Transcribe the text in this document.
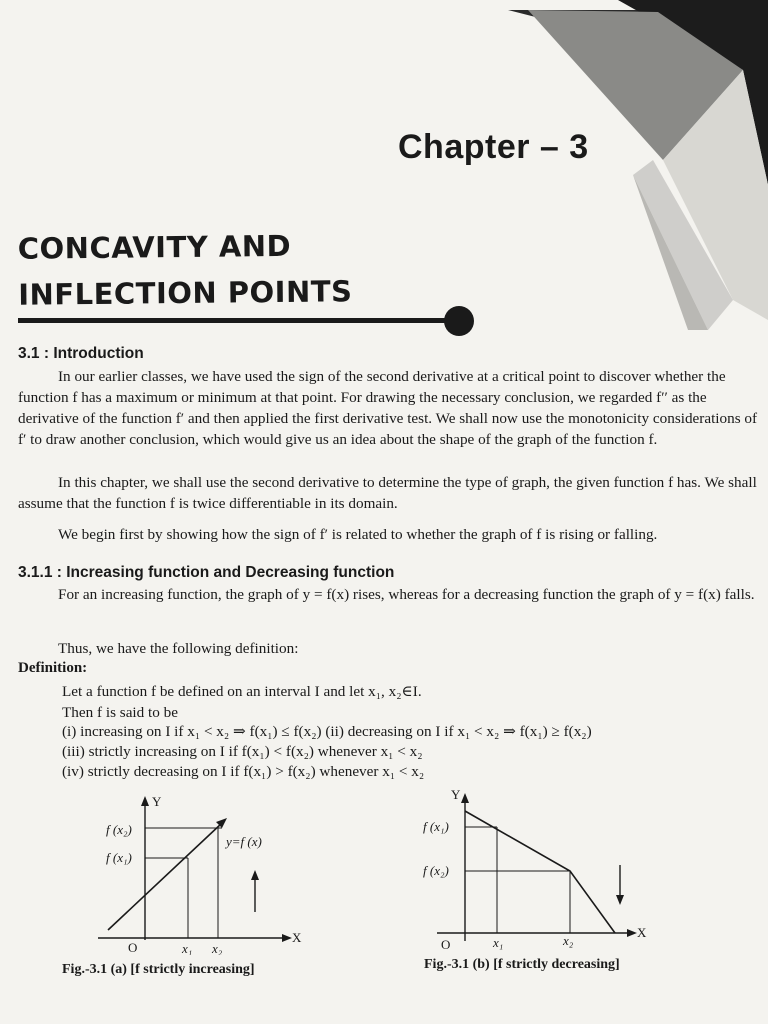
Chapter – 3
CONCAVITY AND
INFLECTION POINTS
3.1 : Introduction

In our earlier classes, we have used the sign of the second derivative at a critical point to discover whether the function f has a maximum or minimum at that point. For drawing the necessary conclusion, we regarded f′′ as the derivative of the function f′ and then applied the first derivative test. We shall now use the monotonicity considerations of f′ to draw another conclusion, which would give us an idea about the shape of the graph of the function f.

In this chapter, we shall use the second derivative to determine the type of graph, the given function f has. We shall assume that the function f is twice differentiable in its domain.

We begin first by showing how the sign of f′ is related to whether the graph of f is rising or falling.

3.1.1 : Increasing function and Decreasing function

For an increasing function, the graph of y = f(x) rises, whereas for a decreasing function the graph of y = f(x) falls.

Thus, we have the following definition:

Definition:

Let a function f be defined on an interval I and let x₁, x₂∈I.

Then f is said to be

(i) increasing on I if x₁ < x₂ ⇒ f(x₁) ≤ f(x₂) (ii) decreasing on I if x₁ < x₂ ⇒ f(x₁) ≥ f(x₂)

(iii) strictly increasing on I if f(x₁) < f(x₂) whenever x₁ < x₂

(iv) strictly decreasing on I if f(x₁) > f(x₂) whenever x₁ < x₂

Y
X
O
f (x₂)
f (x₁)
y=f (x)
x₁ x₂
Fig.-3.1 (a) [f strictly increasing]
Y
X
O
f (x₁)
f (x₂)
x₁	x₂
Fig.-3.1 (b) [f strictly decreasing]
